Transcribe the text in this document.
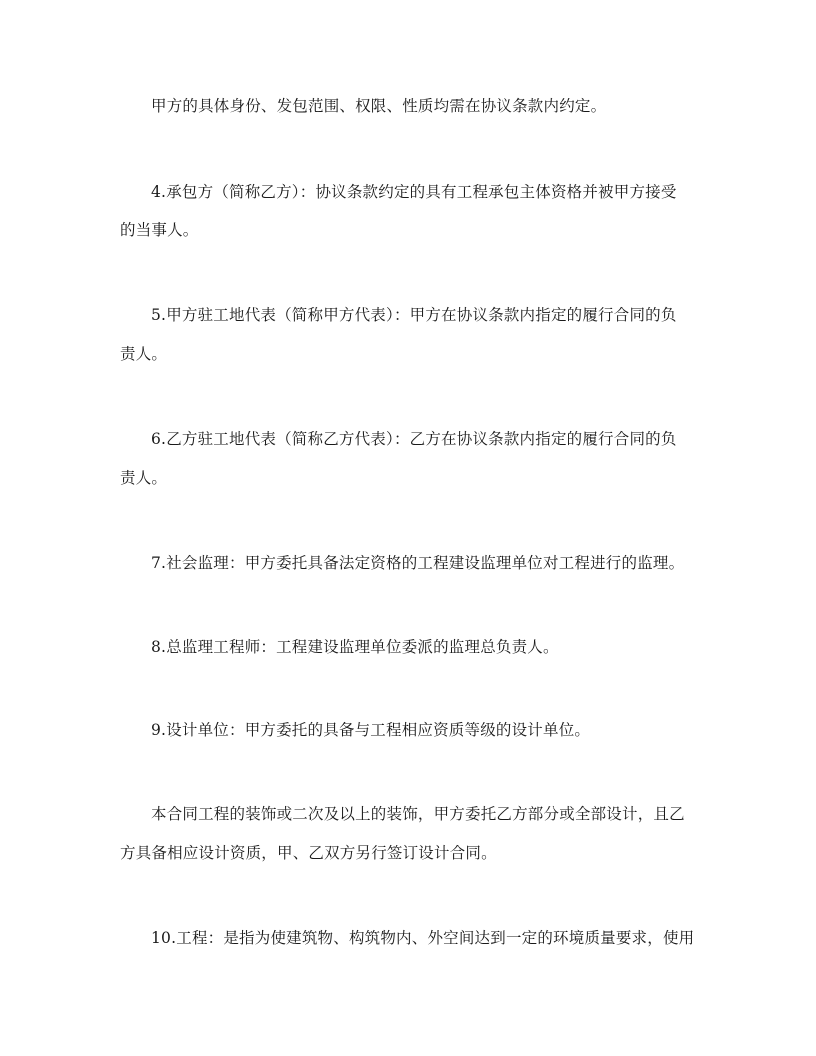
甲方的具体身份、发包范围、权限、性质均需在协议条款内约定。
4.承包方（简称乙方）：协议条款约定的具有工程承包主体资格并被甲方接受
的当事人。
5.甲方驻工地代表（简称甲方代表）：甲方在协议条款内指定的履行合同的负
责人。
6.乙方驻工地代表（简称乙方代表）：乙方在协议条款内指定的履行合同的负
责人。
7.社会监理：甲方委托具备法定资格的工程建设监理单位对工程进行的监理。
8.总监理工程师：工程建设监理单位委派的监理总负责人。
9.设计单位：甲方委托的具备与工程相应资质等级的设计单位。
本合同工程的装饰或二次及以上的装饰，甲方委托乙方部分或全部设计，且乙
方具备相应设计资质，甲、乙双方另行签订设计合同。
10.工程：是指为使建筑物、构筑物内、外空间达到一定的环境质量要求，使用
